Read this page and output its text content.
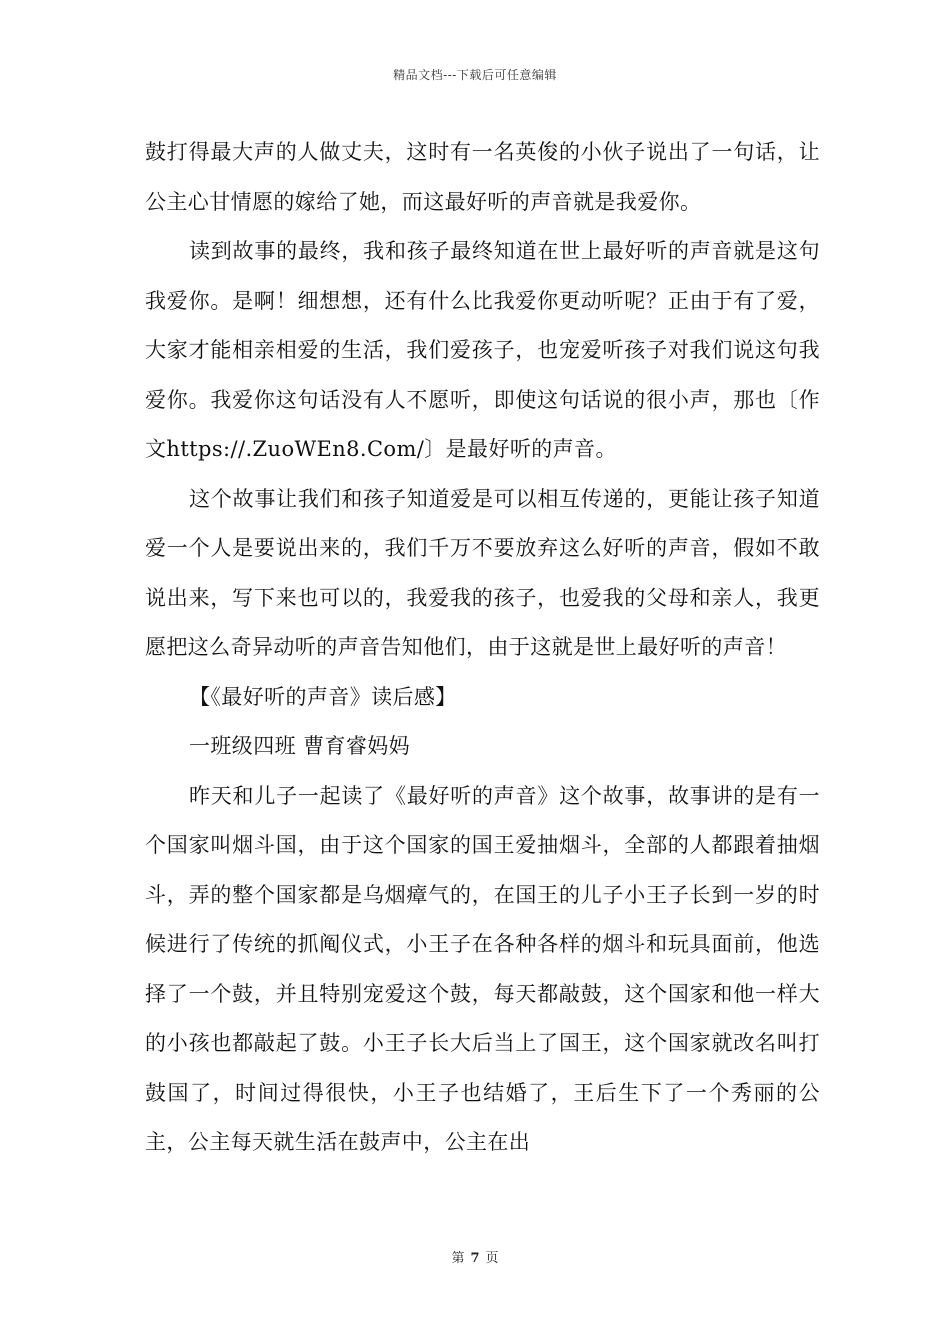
精品文档---下载后可任意编辑

鼓打得最大声的人做丈夫，这时有一名英俊的小伙子说出了一句话，让公主心甘情愿的嫁给了她，而这最好听的声音就是我爱你。

读到故事的最终，我和孩子最终知道在世上最好听的声音就是这句我爱你。是啊！细想想，还有什么比我爱你更动听呢？正由于有了爱，大家才能相亲相爱的生活，我们爱孩子，也宠爱听孩子对我们说这句我爱你。我爱你这句话没有人不愿听，即使这句话说的很小声，那也〔作文https://.ZuoWEn8.Com/〕是最好听的声音。

这个故事让我们和孩子知道爱是可以相互传递的，更能让孩子知道爱一个人是要说出来的，我们千万不要放弃这么好听的声音，假如不敢说出来，写下来也可以的，我爱我的孩子，也爱我的父母和亲人，我更愿把这么奇异动听的声音告知他们，由于这就是世上最好听的声音！

【《最好听的声音》读后感】

一班级四班 曹育睿妈妈

昨天和儿子一起读了《最好听的声音》这个故事，故事讲的是有一个国家叫烟斗国，由于这个国家的国王爱抽烟斗，全部的人都跟着抽烟斗，弄的整个国家都是乌烟瘴气的，在国王的儿子小王子长到一岁的时候进行了传统的抓阄仪式，小王子在各种各样的烟斗和玩具面前，他选择了一个鼓，并且特别宠爱这个鼓，每天都敲鼓，这个国家和他一样大的小孩也都敲起了鼓。小王子长大后当上了国王，这个国家就改名叫打鼓国了，时间过得很快，小王子也结婚了，王后生下了一个秀丽的公主，公主每天就生活在鼓声中，公主在出

第 7 页
